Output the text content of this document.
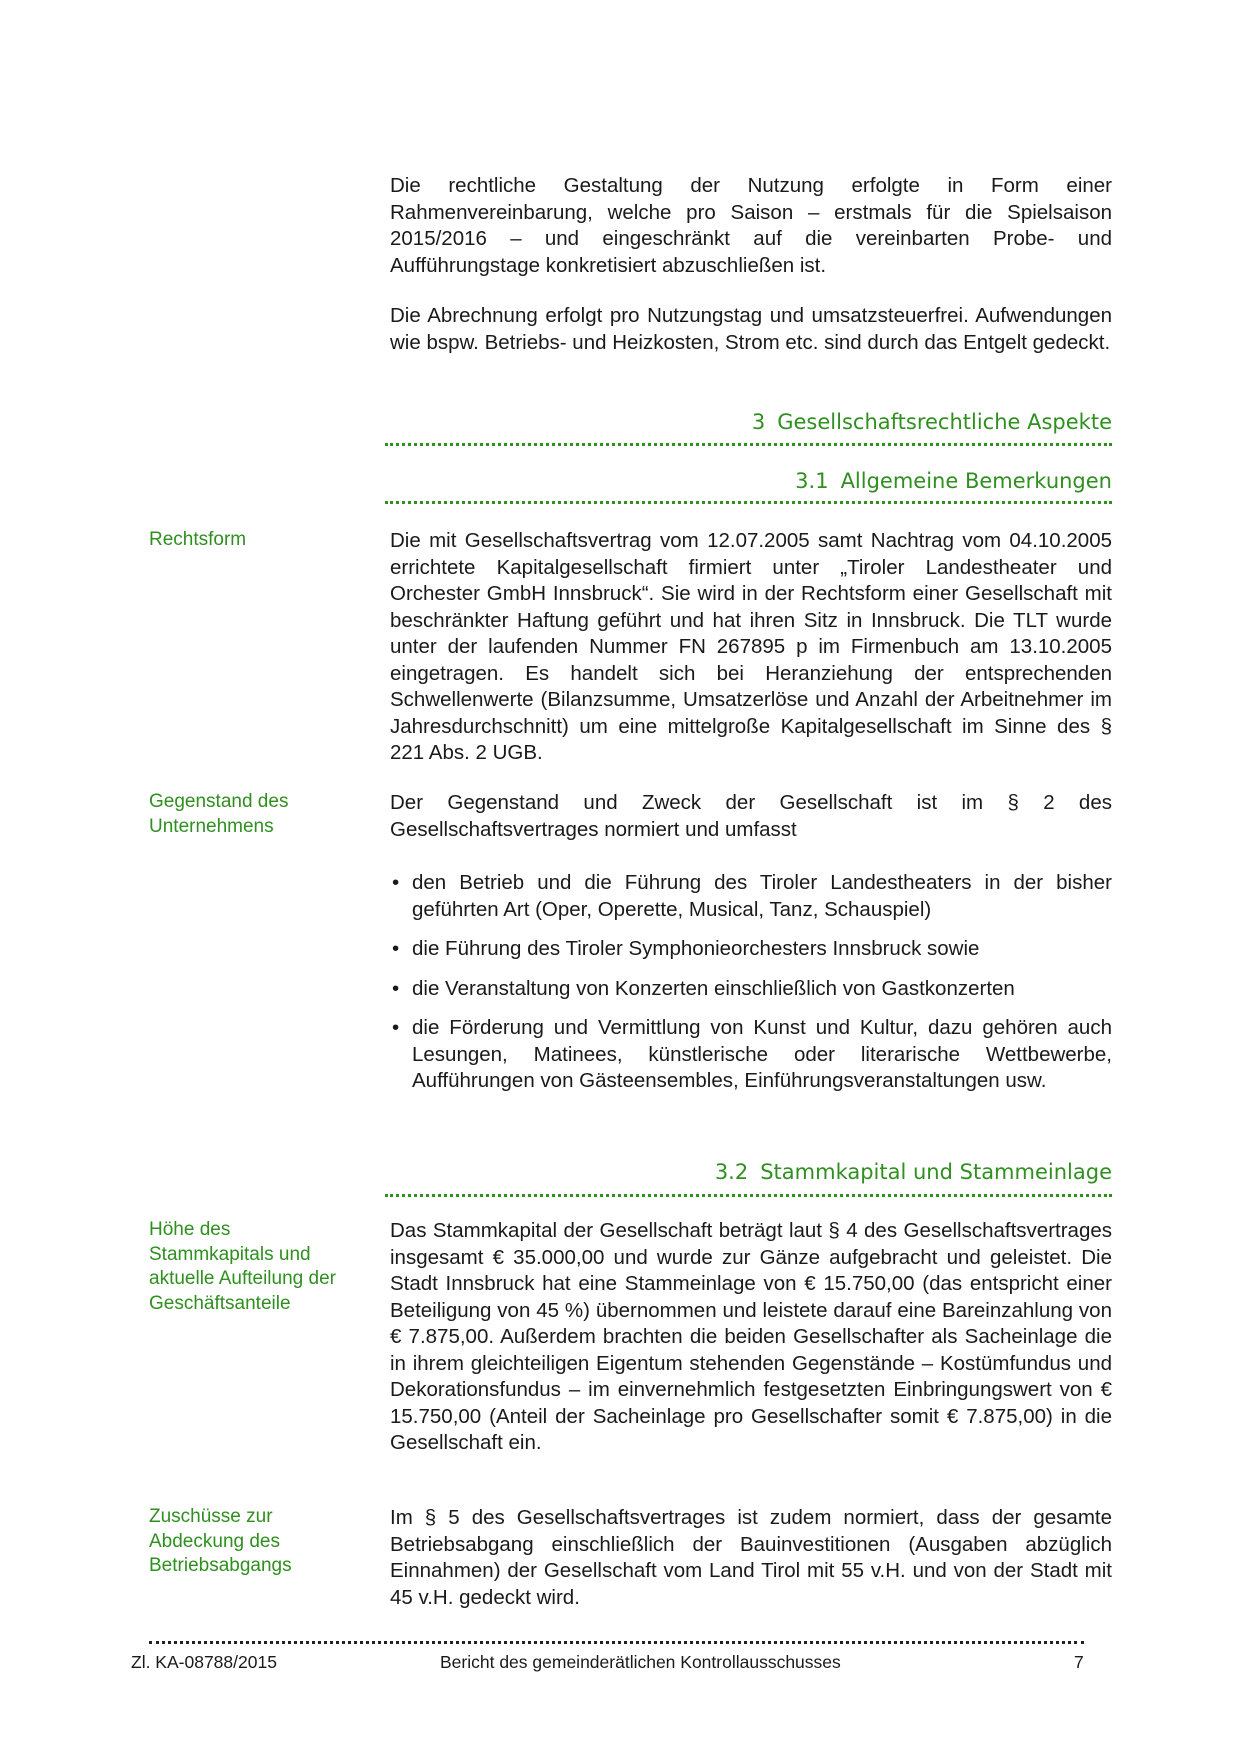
Die rechtliche Gestaltung der Nutzung erfolgte in Form einer Rahmenvereinbarung, welche pro Saison – erstmals für die Spielsaison 2015/2016 – und eingeschränkt auf die vereinbarten Probe- und Aufführungstage konkretisiert abzuschließen ist.

Die Abrechnung erfolgt pro Nutzungstag und umsatzsteuerfrei. Aufwendungen wie bspw. Betriebs- und Heizkosten, Strom etc. sind durch das Entgelt gedeckt.

3 Gesellschaftsrechtliche Aspekte
3.1 Allgemeine Bemerkungen

Rechtsform	Die mit Gesellschaftsvertrag vom 12.07.2005 samt Nachtrag vom 04.10.2005 errichtete Kapitalgesellschaft firmiert unter „Tiroler Landestheater und Orchester GmbH Innsbruck“. Sie wird in der Rechtsform einer Gesellschaft mit beschränkter Haftung geführt und hat ihren Sitz in Innsbruck. Die TLT wurde unter der laufenden Nummer FN 267895 p im Firmenbuch am 13.10.2005 eingetragen. Es handelt sich bei Heranziehung der entsprechenden Schwellenwerte (Bilanzsumme, Umsatzerlöse und Anzahl der Arbeitnehmer im Jahresdurchschnitt) um eine mittelgroße Kapitalgesellschaft im Sinne des § 221 Abs. 2 UGB.

Gegenstand des Unternehmens

Der Gegenstand und Zweck der Gesellschaft ist im § 2 des Gesellschaftsvertrages normiert und umfasst

• den Betrieb und die Führung des Tiroler Landestheaters in der bisher geführten Art (Oper, Operette, Musical, Tanz, Schauspiel)
• die Führung des Tiroler Symphonieorchesters Innsbruck sowie
• die Veranstaltung von Konzerten einschließlich von Gastkonzerten
• die Förderung und Vermittlung von Kunst und Kultur, dazu gehören auch Lesungen, Matinees, künstlerische oder literarische Wettbewerbe, Aufführungen von Gästeensembles, Einführungsveranstaltungen usw.
3.2 Stammkapital und Stammeinlage

Höhe des Stammkapitals und aktuelle Aufteilung der Geschäftsanteile

Das Stammkapital der Gesellschaft beträgt laut § 4 des Gesellschaftsvertrages insgesamt € 35.000,00 und wurde zur Gänze aufgebracht und geleistet. Die Stadt Innsbruck hat eine Stammeinlage von € 15.750,00 (das entspricht einer Beteiligung von 45 %) übernommen und leistete darauf eine Bareinzahlung von € 7.875,00. Außerdem brachten die beiden Gesellschafter als Sacheinlage die in ihrem gleichteiligen Eigentum stehenden Gegenstände – Kostümfundus und Dekorationsfundus – im einvernehmlich festgesetzten Einbringungswert von € 15.750,00 (Anteil der Sacheinlage pro Gesellschafter somit € 7.875,00) in die Gesellschaft ein.

Zuschüsse zur Abdeckung des Betriebsabgangs

Im § 5 des Gesellschaftsvertrages ist zudem normiert, dass der gesamte Betriebsabgang einschließlich der Bauinvestitionen (Ausgaben abzüglich Einnahmen) der Gesellschaft vom Land Tirol mit 55 v.H. und von der Stadt mit 45 v.H. gedeckt wird.

Zl. KA-08788/2015	Bericht des gemeinderätlichen Kontrollausschusses	7
